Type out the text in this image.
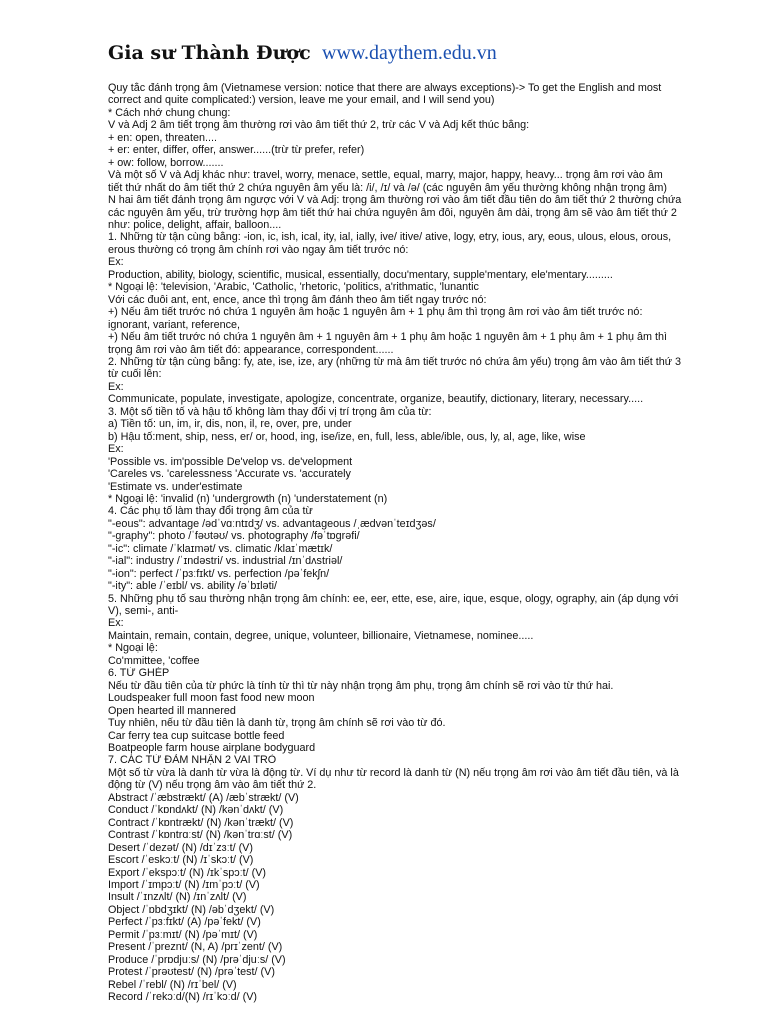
Gia sư Thành Được www.daythem.edu.vn

Quy tắc đánh trọng âm (Vietnamese version: notice that there are always exceptions)-> To get the English and most

correct and quite complicated:) version, leave me your email, and I will send you)

* Cách nhớ chung chung:

V và Adj 2 âm tiết trọng âm thường rơi vào âm tiết thứ 2, trừ các V và Adj kết thúc bằng:

+ en: open, threaten....

+ er: enter, differ, offer, answer......(trừ từ prefer, refer)

+ ow: follow, borrow.......

Và một số V và Adj khác như: travel, worry, menace, settle, equal, marry, major, happy, heavy... trọng âm rơi vào âm

tiết thứ nhất do âm tiết thứ 2 chứa nguyên âm yếu là: /i/, /ɪ/ và /ə/ (các nguyên âm yếu thường không nhận trọng âm)

N hai âm tiết đánh trọng âm ngược với V và Adj: trọng âm thường rơi vào âm tiết đầu tiên do âm tiết thứ 2 thường chứa

các nguyên âm yếu, trừ trường hợp âm tiết thứ hai chứa nguyên âm đôi, nguyên âm dài, trọng âm sẽ vào âm tiết thứ 2

như: police, delight, affair, balloon....

1. Những từ tận cùng bằng: -ion, ic, ish, ical, ity, ial, ially, ive/ itive/ ative, logy, etry, ious, ary, eous, ulous, elous, orous,

erous thường có trọng âm chính rơi vào ngay âm tiết trước nó:

Ex:

Production, ability, biology, scientific, musical, essentially, docu'mentary, supple'mentary, ele'mentary.........

* Ngoại lệ: 'television, 'Arabic, 'Catholic, 'rhetoric, 'politics, a'rithmatic, 'lunantic

Với các đuôi ant, ent, ence, ance thì trọng âm đánh theo âm tiết ngay trước nó:

+) Nếu âm tiết trước nó chứa 1 nguyên âm hoặc 1 nguyên âm + 1 phụ âm thì trọng âm rơi vào âm tiết trước nó:

ignorant, variant, reference,

+) Nếu âm tiết trước nó chứa 1 nguyên âm + 1 nguyên âm + 1 phụ âm hoặc 1 nguyên âm + 1 phụ âm + 1 phụ âm thì

trọng âm rơi vào âm tiết đó: appearance, correspondent......

2. Những từ tận cùng bằng: fy, ate, ise, ize, ary (những từ mà âm tiết trước nó chứa âm yếu) trọng âm vào âm tiết thứ 3

từ cuối lên:

Ex:

Communicate, populate, investigate, apologize, concentrate, organize, beautify, dictionary, literary, necessary.....

3. Một số tiền tố và hậu tố không làm thay đổi vị trí trọng âm của từ:

a) Tiền tố: un, im, ir, dis, non, il, re, over, pre, under

b) Hậu tố:ment, ship, ness, er/ or, hood, ing, ise/ize, en, full, less, able/ible, ous, ly, al, age, like, wise

Ex:

'Possible vs. im'possible De'velop vs. de'velopment

'Careles vs. 'carelessness 'Accurate vs. 'accurately

'Estimate vs. under'estimate

* Ngoại lệ: 'invalid (n) 'undergrowth (n) 'understatement (n)

4. Các phụ tố làm thay đổi trọng âm của từ

"-eous": advantage /ədˈvɑːntɪdʒ/ vs. advantageous /ˌædvənˈteɪdʒəs/

"-graphy": photo /ˈfəʊtəʊ/ vs. photography /fəˈtɒɡrəfi/

"-ic": climate /ˈklaɪmət/ vs. climatic /klaɪˈmætɪk/

"-ial": industry /ˈɪndəstri/ vs. industrial /ɪnˈdʌstriəl/

"-ion": perfect /ˈpɜːfɪkt/ vs. perfection /pəˈfekʃn/

"-ity": able /ˈeɪbl/ vs. ability /əˈbɪləti/

5. Những phụ tố sau thường nhận trọng âm chính: ee, eer, ette, ese, aire, ique, esque, ology, ography, ain (áp dụng với

V), semi-, anti-

Ex:

Maintain, remain, contain, degree, unique, volunteer, billionaire, Vietnamese, nominee.....

* Ngoại lệ:

Co'mmittee, 'coffee

6. TỪ GHÉP

Nếu từ đầu tiên của từ phức là tính từ thì từ này nhận trọng âm phụ, trọng âm chính sẽ rơi vào từ thứ hai.

Loudspeaker full moon fast food new moon

Open hearted ill mannered

Tuy nhiên, nếu từ đầu tiên là danh từ, trọng âm chính sẽ rơi vào từ đó.

Car ferry tea cup suitcase bottle feed

Boatpeople farm house airplane bodyguard

7. CÁC TỪ ĐẢM NHẬN 2 VAI TRÒ

Một số từ vừa là danh từ vừa là động từ. Ví dụ như từ record là danh từ (N) nếu trọng âm rơi vào âm tiết đầu tiên, và là

động từ (V) nếu trọng âm vào âm tiết thứ 2.

Abstract /ˈæbstrækt/ (A) /æbˈstrækt/ (V)

Conduct /ˈkɒndʌkt/ (N) /kənˈdʌkt/ (V)

Contract /ˈkɒntrækt/ (N) /kənˈtrækt/ (V)

Contrast /ˈkɒntrɑːst/ (N) /kənˈtrɑːst/ (V)

Desert /ˈdezət/ (N) /dɪˈzɜːt/ (V)

Escort /ˈeskɔːt/ (N) /ɪˈskɔːt/ (V)

Export /ˈekspɔːt/ (N) /ɪkˈspɔːt/ (V)

Import /ˈɪmpɔːt/ (N) /ɪmˈpɔːt/ (V)

Insult /ˈɪnzʌlt/ (N) /ɪnˈzʌlt/ (V)

Object /ˈɒbdʒɪkt/ (N) /əbˈdʒekt/ (V)

Perfect /ˈpɜːfɪkt/ (A) /pəˈfekt/ (V)

Permit /ˈpɜːmɪt/ (N) /pəˈmɪt/ (V)

Present /ˈpreznt/ (N, A) /prɪˈzent/ (V)

Produce /ˈprɒdjuːs/ (N) /prəˈdjuːs/ (V)

Protest /ˈprəʊtest/ (N) /prəˈtest/ (V)

Rebel /ˈrebl/ (N) /rɪˈbel/ (V)

Record /ˈrekɔːd/(N) /rɪˈkɔːd/ (V)
